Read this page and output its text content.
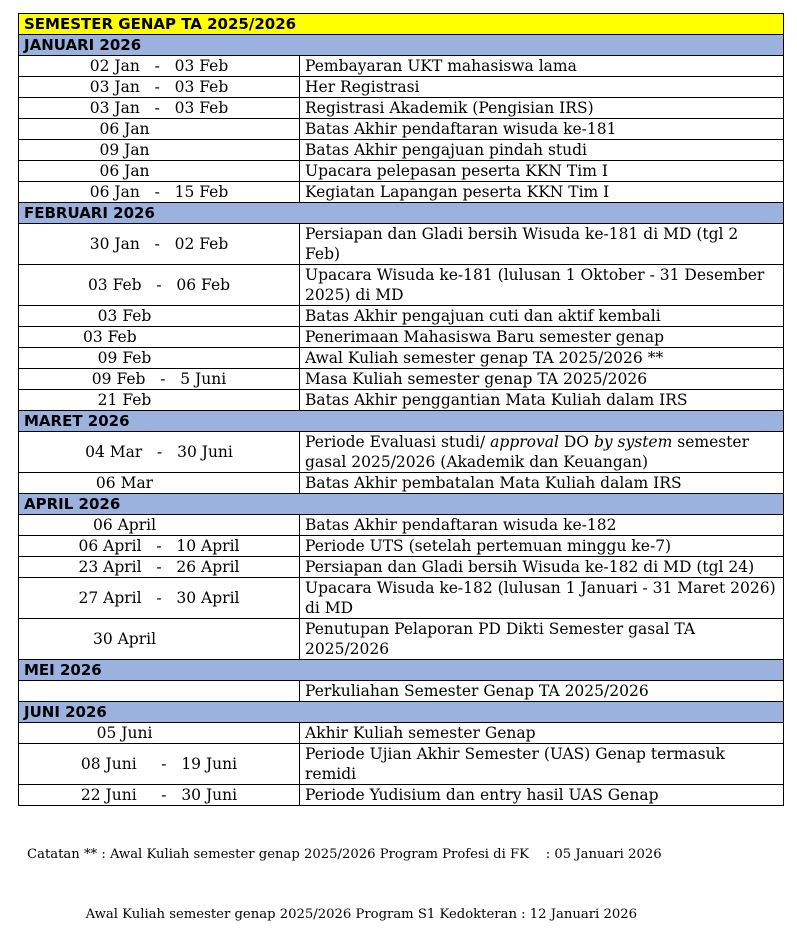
SEMESTER GENAP TA 2025/2026	
JANUARI 2026	
02 Jan   -   03 Feb	Pembayaran UKT mahasiswa lama
03 Jan   -   03 Feb	Her Registrasi
03 Jan   -   03 Feb	Registrasi Akademik (Pengisian IRS)
06 Jan	Batas Akhir pendaftaran wisuda ke-181
09 Jan	Batas Akhir pengajuan pindah studi
06 Jan	Upacara pelepasan peserta KKN Tim I
06 Jan   -   15 Feb	Kegiatan Lapangan peserta KKN Tim I
FEBRUARI 2026	
30 Jan   -   02 Feb	Persiapan dan Gladi bersih Wisuda ke-181 di MD (tgl 2 Feb)
03 Feb   -   06 Feb	Upacara Wisuda ke-181 (lulusan 1 Oktober - 31 Desember 2025) di MD
03 Feb	Batas Akhir pengajuan cuti dan aktif kembali
03 Feb	Penerimaan Mahasiswa Baru semester genap
09 Feb	Awal Kuliah semester genap TA 2025/2026 **
09 Feb   -   5 Juni	Masa Kuliah semester genap TA 2025/2026
21 Feb	Batas Akhir penggantian Mata Kuliah dalam IRS
MARET 2026	
04 Mar   -   30 Juni	Periode Evaluasi studi/ approval DO by system semester gasal 2025/2026 (Akademik dan Keuangan)
06 Mar	Batas Akhir pembatalan Mata Kuliah dalam IRS
APRIL 2026	
06 April	Batas Akhir pendaftaran wisuda ke-182
06 April   -   10 April	Periode UTS (setelah pertemuan minggu ke-7)
23 April   -   26 April	Persiapan dan Gladi bersih Wisuda ke-182 di MD (tgl 24)
27 April   -   30 April	Upacara Wisuda ke-182 (lulusan 1 Januari - 31 Maret 2026) di MD
30 April	Penutupan Pelaporan PD Dikti Semester gasal TA 2025/2026
MEI 2026	
	Perkuliahan Semester Genap TA 2025/2026
JUNI 2026	
05 Juni	Akhir Kuliah semester Genap
08 Juni     -   19 Juni	Periode Ujian Akhir Semester (UAS) Genap termasuk remidi
22 Juni     -   30 Juni	Periode Yudisium dan entry hasil UAS Genap

Catatan ** : Awal Kuliah semester genap 2025/2026 Program Profesi di FK    : 05 Januari 2026

Awal Kuliah semester genap 2025/2026 Program S1 Kedokteran : 12 Januari 2026
